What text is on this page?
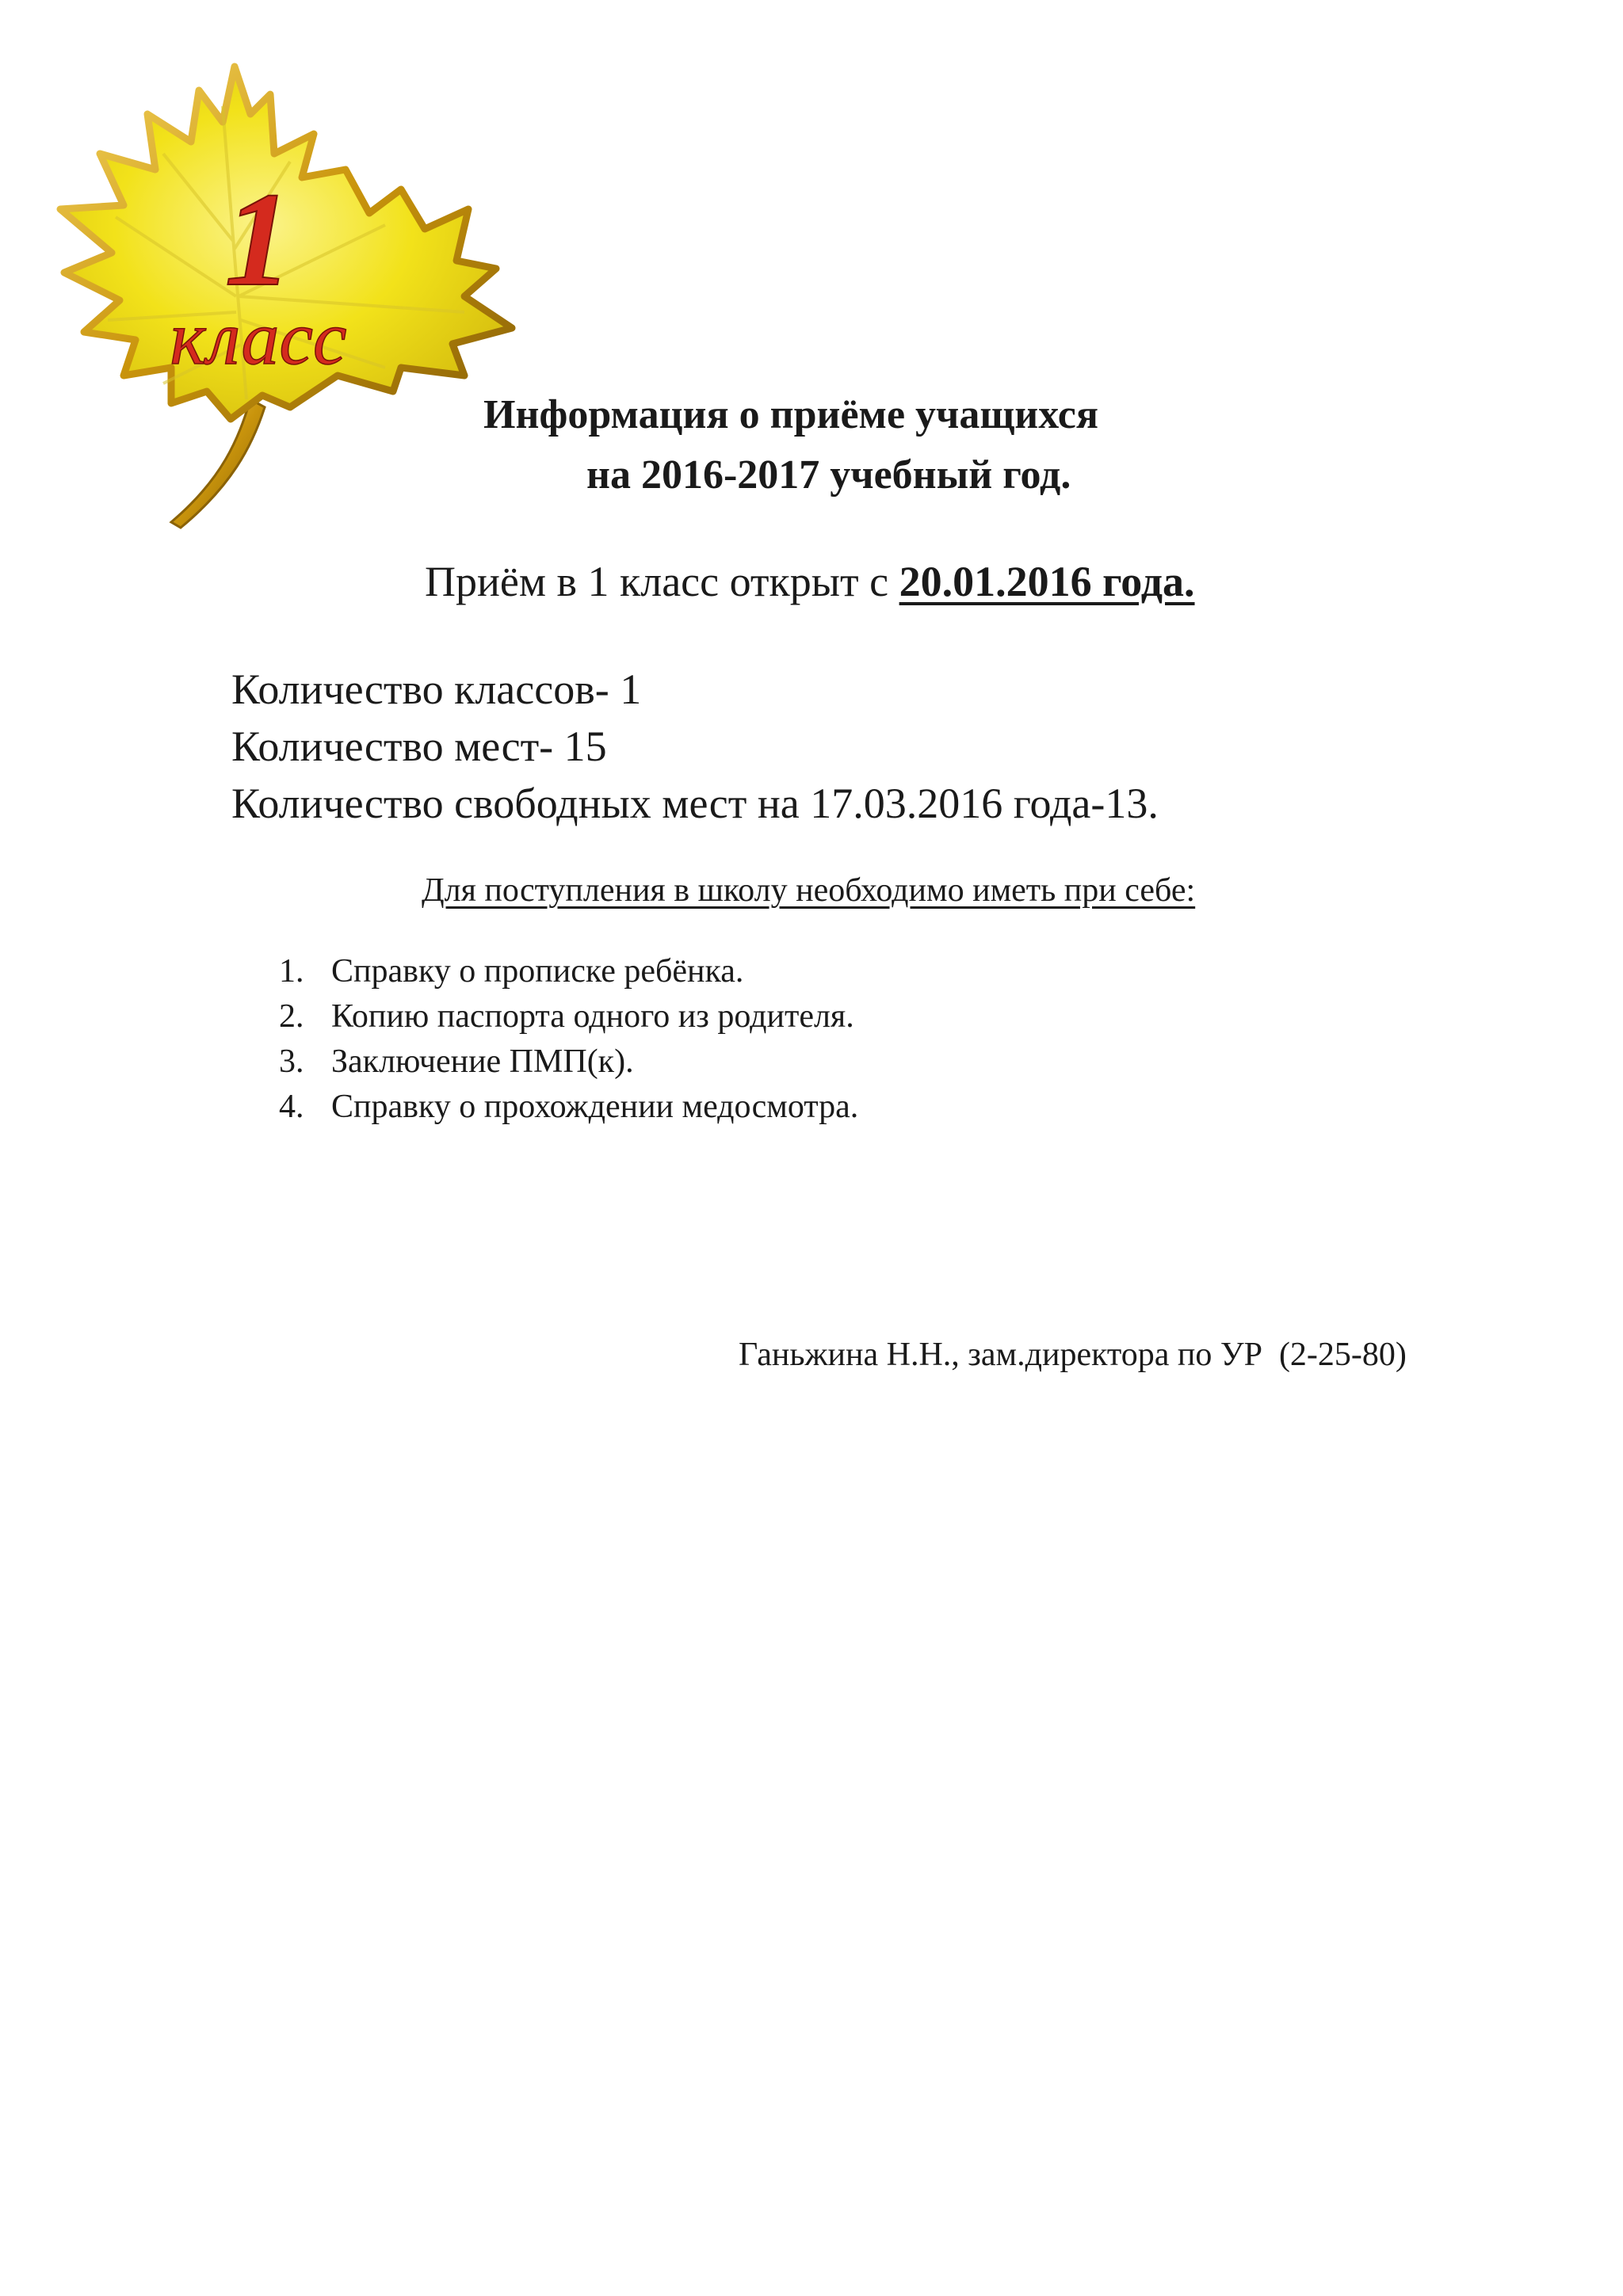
1
класс
Информация о приёме учащихся
на 2016-2017 учебный год.
Приём в 1 класс открыт с 20.01.2016 года.
Количество классов- 1
Количество мест- 15
Количество свободных мест на 17.03.2016 года-13.
Для поступления в школу необходимо иметь при себе:
1. Справку о прописке ребёнка.
2. Копию паспорта одного из родителя.
3. Заключение ПМП(к).
4. Справку о прохождении медосмотра.
Ганьжина Н.Н., зам.директора по УР  (2-25-80)
